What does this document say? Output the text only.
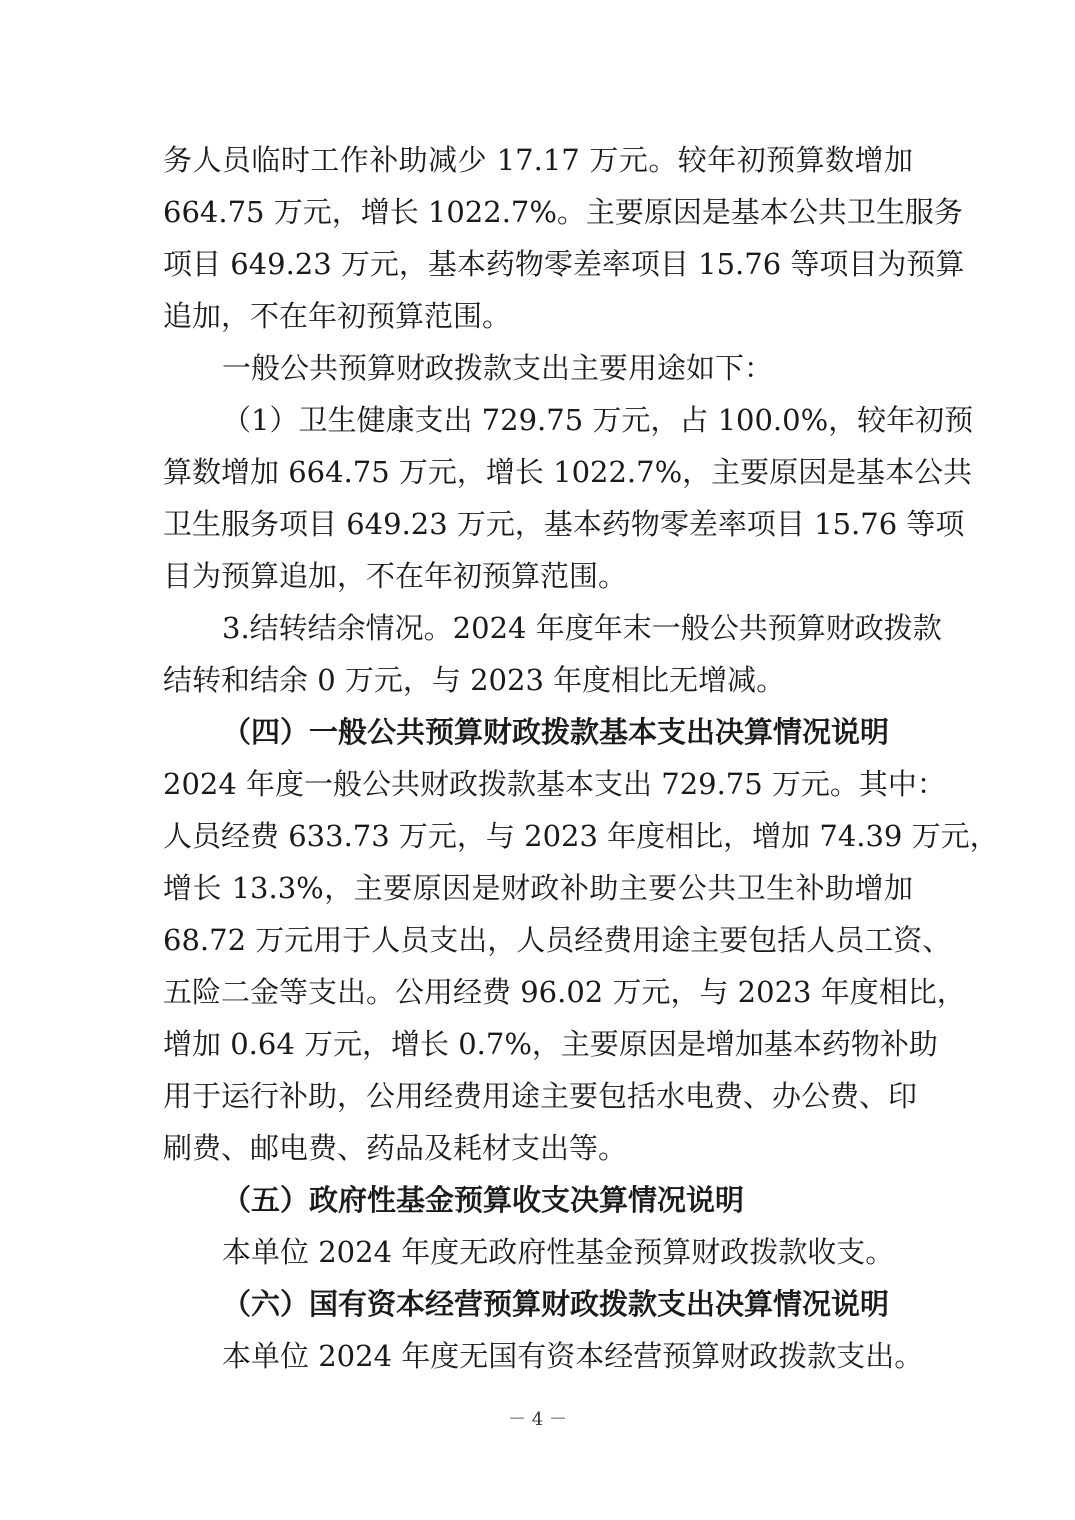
务人员临时工作补助减少 17.17 万元。较年初预算数增加
664.75 万元，增长 1022.7%。主要原因是基本公共卫生服务
项目 649.23 万元，基本药物零差率项目 15.76 等项目为预算
追加，不在年初预算范围。
一般公共预算财政拨款支出主要用途如下：
（1）卫生健康支出 729.75 万元，占 100.0%，较年初预
算数增加 664.75 万元，增长 1022.7%，主要原因是基本公共
卫生服务项目 649.23 万元，基本药物零差率项目 15.76 等项
目为预算追加，不在年初预算范围。
3.结转结余情况。2024 年度年末一般公共预算财政拨款
结转和结余 0 万元，与 2023 年度相比无增减。
（四）一般公共预算财政拨款基本支出决算情况说明
2024 年度一般公共财政拨款基本支出 729.75 万元。其中：
人员经费 633.73 万元，与 2023 年度相比，增加 74.39 万元，
增长 13.3%，主要原因是财政补助主要公共卫生补助增加
68.72 万元用于人员支出，人员经费用途主要包括人员工资、
五险二金等支出。公用经费 96.02 万元，与 2023 年度相比，
增加 0.64 万元，增长 0.7%，主要原因是增加基本药物补助
用于运行补助，公用经费用途主要包括水电费、办公费、印
刷费、邮电费、药品及耗材支出等。
（五）政府性基金预算收支决算情况说明
本单位 2024 年度无政府性基金预算财政拨款收支。
（六）国有资本经营预算财政拨款支出决算情况说明
本单位 2024 年度无国有资本经营预算财政拨款支出。
－ 4 －
